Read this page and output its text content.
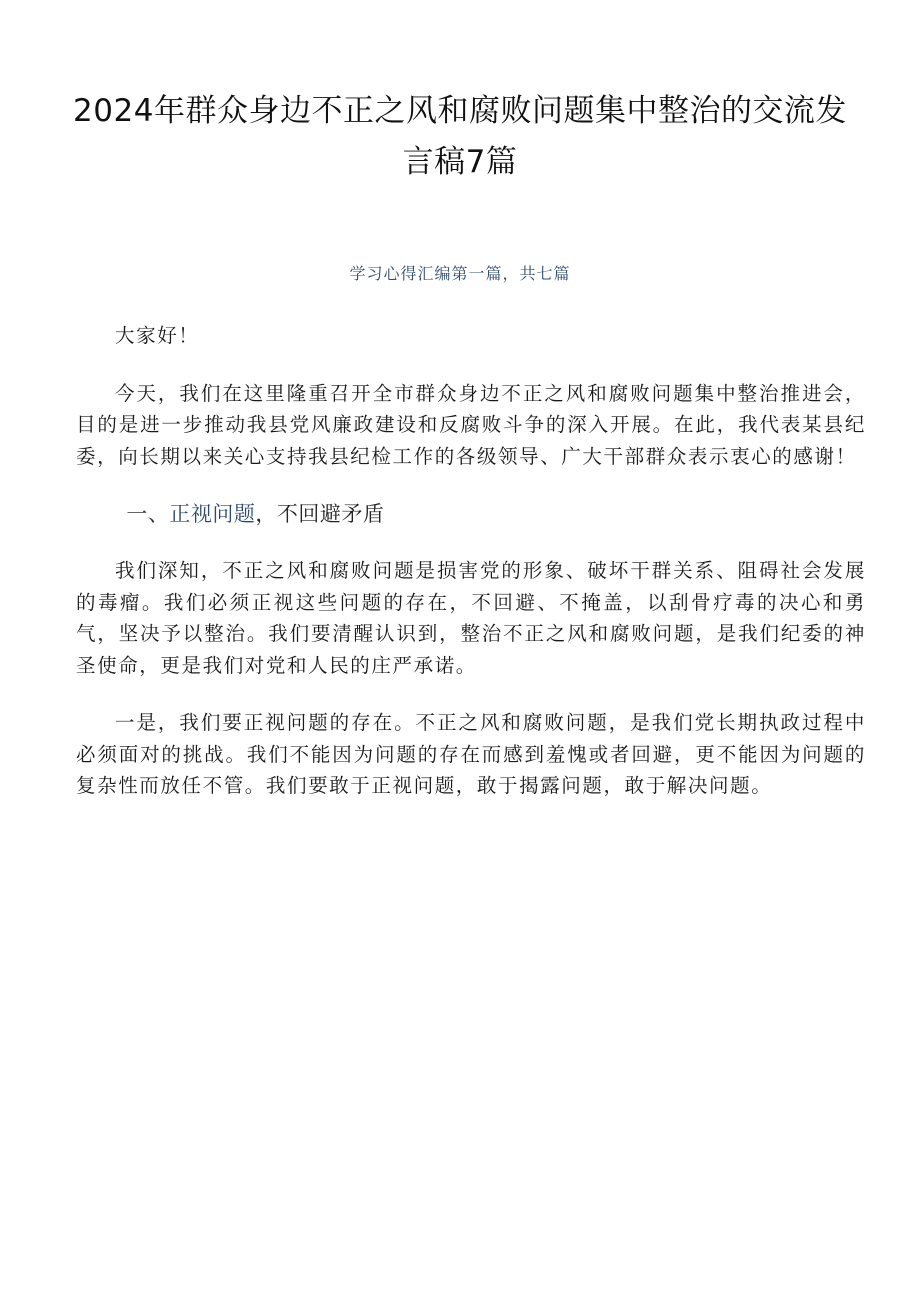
2024年群众身边不正之风和腐败问题集中整治的交流发言稿7篇
学习心得汇编第一篇，共七篇

大家好！

今天，我们在这里隆重召开全市群众身边不正之风和腐败问题集中整治推进会，目的是进一步推动我县党风廉政建设和反腐败斗争的深入开展。在此，我代表某县纪委，向长期以来关心支持我县纪检工作的各级领导、广大干部群众表示衷心的感谢！

一、正视问题，不回避矛盾

我们深知，不正之风和腐败问题是损害党的形象、破坏干群关系、阻碍社会发展的毒瘤。我们必须正视这些问题的存在，不回避、不掩盖，以刮骨疗毒的决心和勇气，坚决予以整治。我们要清醒认识到，整治不正之风和腐败问题，是我们纪委的神圣使命，更是我们对党和人民的庄严承诺。

一是，我们要正视问题的存在。不正之风和腐败问题，是我们党长期执政过程中必须面对的挑战。我们不能因为问题的存在而感到羞愧或者回避，更不能因为问题的复杂性而放任不管。我们要敢于正视问题，敢于揭露问题，敢于解决问题。
